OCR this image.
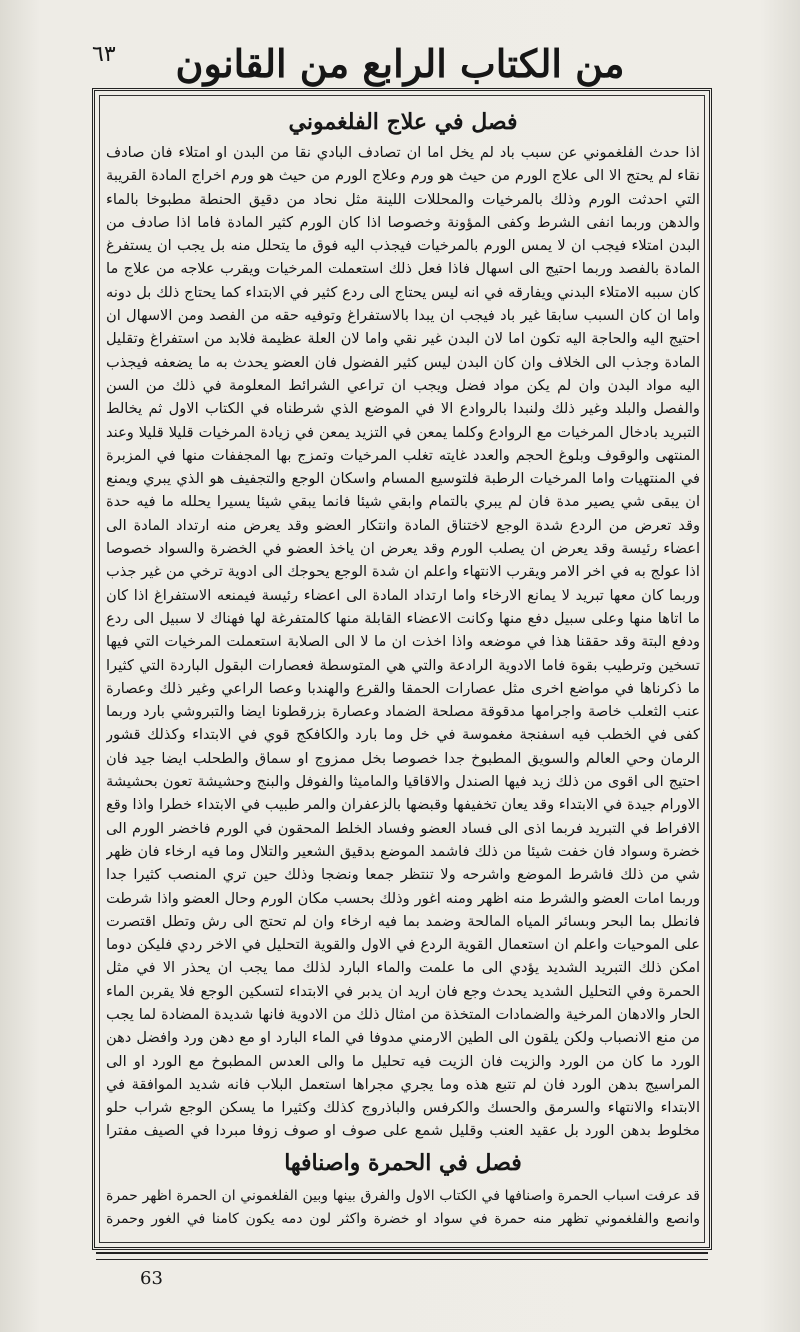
٦٣	من الكتاب الرابع من القانون
فصل في علاج الفلغموني
اذا حدث الفلغموني عن سبب باد لم يخل اما ان تصادف البادي نقا من البدن او امتلاء فان صادف نقاء لم يحتج الا الى علاج الورم من حيث هو ورم وعلاج الورم من حيث هو ورم اخراج المادة القريبة التي احدثت الورم وذلك بالمرخيات والمحللات اللينة مثل نحاد من دقيق الحنطة مطبوخا بالماء والدهن وربما انفى الشرط وكفى المؤونة وخصوصا اذا كان الورم كثير المادة فاما اذا صادف من البدن امتلاء فيجب ان لا يمس الورم بالمرخيات فيجذب اليه فوق ما يتحلل منه بل يجب ان يستفرغ المادة بالفصد وربما احتيج الى اسهال فاذا فعل ذلك استعملت المرخيات ويقرب علاجه من علاج ما كان سببه الامتلاء البدني ويفارقه في انه ليس يحتاج الى ردع كثير في الابتداء كما يحتاج ذلك بل دونه واما ان كان السبب سابقا غير باد فيجب ان يبدا بالاستفراغ وتوفيه حقه من الفصد ومن الاسهال ان احتيج اليه والحاجة اليه تكون اما لان البدن غير نقي واما لان العلة عظيمة فلابد من استفراغ وتقليل المادة وجذب الى الخلاف وان كان البدن ليس كثير الفضول فان العضو يحدث به ما يضعفه فيجذب اليه مواد البدن وان لم يكن مواد فضل ويجب ان تراعي الشرائط المعلومة في ذلك من السن والفصل والبلد وغير ذلك ولنبدا بالروادع الا في الموضع الذي شرطناه في الكتاب الاول ثم يخالط التبريد بادخال المرخيات مع الروادع وكلما يمعن في التزيد يمعن في زيادة المرخيات قليلا قليلا وعند المنتهى والوقوف وبلوغ الحجم والعدد غايته تغلب المرخيات وتمزج بها المجففات منها في المزبرة في المنتهيات واما المرخيات الرطبة فلتوسيع المسام واسكان الوجع والتجفيف هو الذي يبري ويمنع ان يبقى شي يصير مدة فان لم يبري بالتمام وابقي شيئا فانما يبقي شيئا يسيرا يحلله ما فيه حدة وقد تعرض من الردع شدة الوجع لاختناق المادة وانتكار العضو وقد يعرض منه ارتداد المادة الى اعضاء رئيسة وقد يعرض ان يصلب الورم وقد يعرض ان ياخذ العضو في الخضرة والسواد خصوصا اذا عولج به في اخر الامر ويقرب الانتهاء واعلم ان شدة الوجع يحوجك الى ادوية ترخي من غير جذب وربما كان معها تبريد لا يمانع الارخاء واما ارتداد المادة الى اعضاء رئيسة فيمنعه الاستفراغ اذا كان ما اتاها منها وعلى سبيل دفع منها وكانت الاعضاء القابلة منها كالمتفرغة لها فهناك لا سبيل الى ردع ودفع البتة وقد حققنا هذا في موضعه واذا اخذت ان ما لا الى الصلابة استعملت المرخيات التي فيها تسخين وترطيب بقوة فاما الادوية الرادعة والتي هي المتوسطة فعصارات البقول الباردة التي كثيرا ما ذكرناها في مواضع اخرى مثل عصارات الحمقا والقرع والهندبا وعصا الراعي وغير ذلك وعصارة عنب الثعلب خاصة واجرامها مدقوقة مصلحة الضماد وعصارة بزرقطونا ايضا والتبروشي بارد وربما كفى في الخطب فيه اسفنجة مغموسة في خل وما بارد والكافكج قوي في الابتداء وكذلك قشور الرمان وحي العالم والسويق المطبوخ جدا خصوصا بخل ممزوج او سماق والطحلب ايضا جيد فان احتيج الى اقوى من ذلك زيد فيها الصندل والاقاقيا والماميثا والفوفل والبنج وحشيشة تعون بحشيشة الاورام جيدة في الابتداء وقد يعان تخفيفها وقبضها بالزعفران والمر طبيب في الابتداء خطرا واذا وقع الافراط في التبريد فربما اذى الى فساد العضو وفساد الخلط المحقون في الورم فاخضر الورم الى خضرة وسواد فان خفت شيئا من ذلك فاشمد الموضع بدقيق الشعير والتلال وما فيه ارخاء فان ظهر شي من ذلك فاشرط الموضع واشرحه ولا تنتظر جمعا ونضجا وذلك حين تري المنصب كثيرا جدا وربما امات العضو والشرط منه اظهر ومنه اغور وذلك بحسب مكان الورم وحال العضو واذا شرطت فانطل بما البحر وبسائر المياه المالحة وضمد بما فيه ارخاء وان لم تحتج الى رش وتطل اقتصرت على الموحيات واعلم ان استعمال القوية الردع في الاول والقوية التحليل في الاخر ردي فليكن دوما امكن ذلك التبريد الشديد يؤدي الى ما علمت والماء البارد لذلك مما يجب ان يحذر الا في مثل الحمرة وفي التحليل الشديد يحدث وجع فان اريد ان يدبر في الابتداء لتسكين الوجع فلا يقربن الماء الحار والادهان المرخية والضمادات المتخذة من امثال ذلك من الادوية فانها شديدة المضادة لما يجب من منع الانصباب ولكن يلقون الى الطين الارمني مدوفا في الماء البارد او مع دهن ورد وافضل دهن الورد ما كان من الورد والزيت فان الزيت فيه تحليل ما والى العدس المطبوخ مع الورد او الى المراسيج بدهن الورد فان لم تتبع هذه وما يجري مجراها استعمل البلاب فانه شديد الموافقة في الابتداء والانتهاء والسرمق والحسك والكرفس والباذروج كذلك وكثيرا ما يسكن الوجع شراب حلو مخلوط بدهن الورد بل عقيد العنب وقليل شمع على صوف او صوف زوفا مبردا في الصيف مفترا
فصل في الحمرة واصنافها
قد عرفت اسباب الحمرة واصنافها في الكتاب الاول والفرق بينها وبين الفلغموني ان الحمرة اظهر حمرة وانصع والفلغموني تظهر منه حمرة في سواد او خضرة واكثر لون دمه يكون كامنا في الغور وحمرة
63
